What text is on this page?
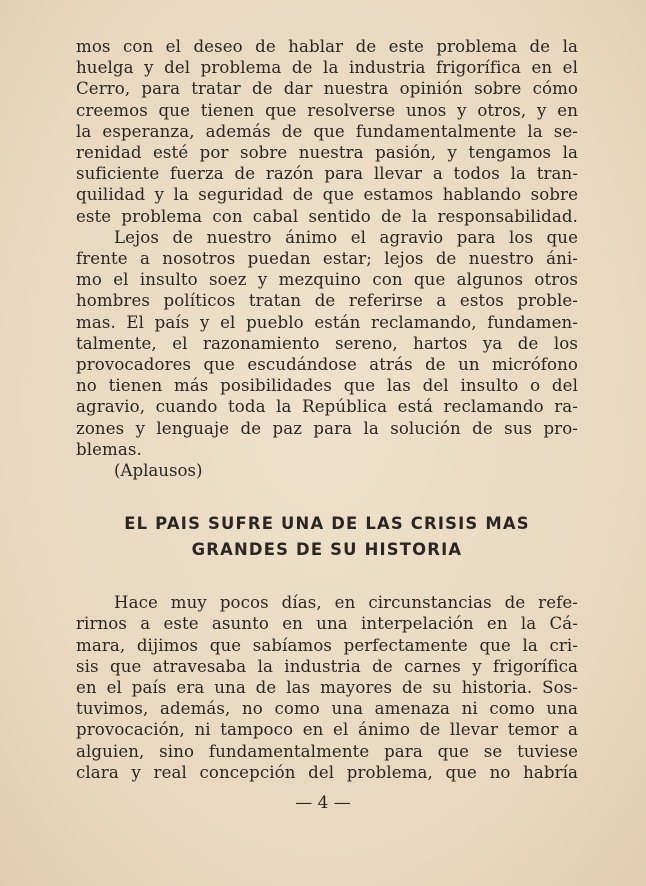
mos con el deseo de hablar de este problema de la
huelga y del problema de la industria frigorífica en el
Cerro, para tratar de dar nuestra opinión sobre cómo
creemos que tienen que resolverse unos y otros, y en
la esperanza, además de que fundamentalmente la se-
renidad esté por sobre nuestra pasión, y tengamos la
suficiente fuerza de razón para llevar a todos la tran-
quilidad y la seguridad de que estamos hablando sobre
este problema con cabal sentido de la responsabilidad.
Lejos de nuestro ánimo el agravio para los que
frente a nosotros puedan estar; lejos de nuestro áni-
mo el insulto soez y mezquino con que algunos otros
hombres políticos tratan de referirse a estos proble-
mas. El país y el pueblo están reclamando, fundamen-
talmente, el razonamiento sereno, hartos ya de los
provocadores que escudándose atrás de un micrófono
no tienen más posibilidades que las del insulto o del
agravio, cuando toda la República está reclamando ra-
zones y lenguaje de paz para la solución de sus pro-
blemas.

(Aplausos)

EL PAIS SUFRE UNA DE LAS CRISIS MAS
GRANDES DE SU HISTORIA
Hace muy pocos días, en circunstancias de refe-
rirnos a este asunto en una interpelación en la Cá-
mara, dijimos que sabíamos perfectamente que la cri-
sis que atravesaba la industria de carnes y frigorífica
en el país era una de las mayores de su historia. Sos-
tuvimos, además, no como una amenaza ni como una
provocación, ni tampoco en el ánimo de llevar temor a
alguien, sino fundamentalmente para que se tuviese
clara y real concepción del problema, que no habría
— 4 —
